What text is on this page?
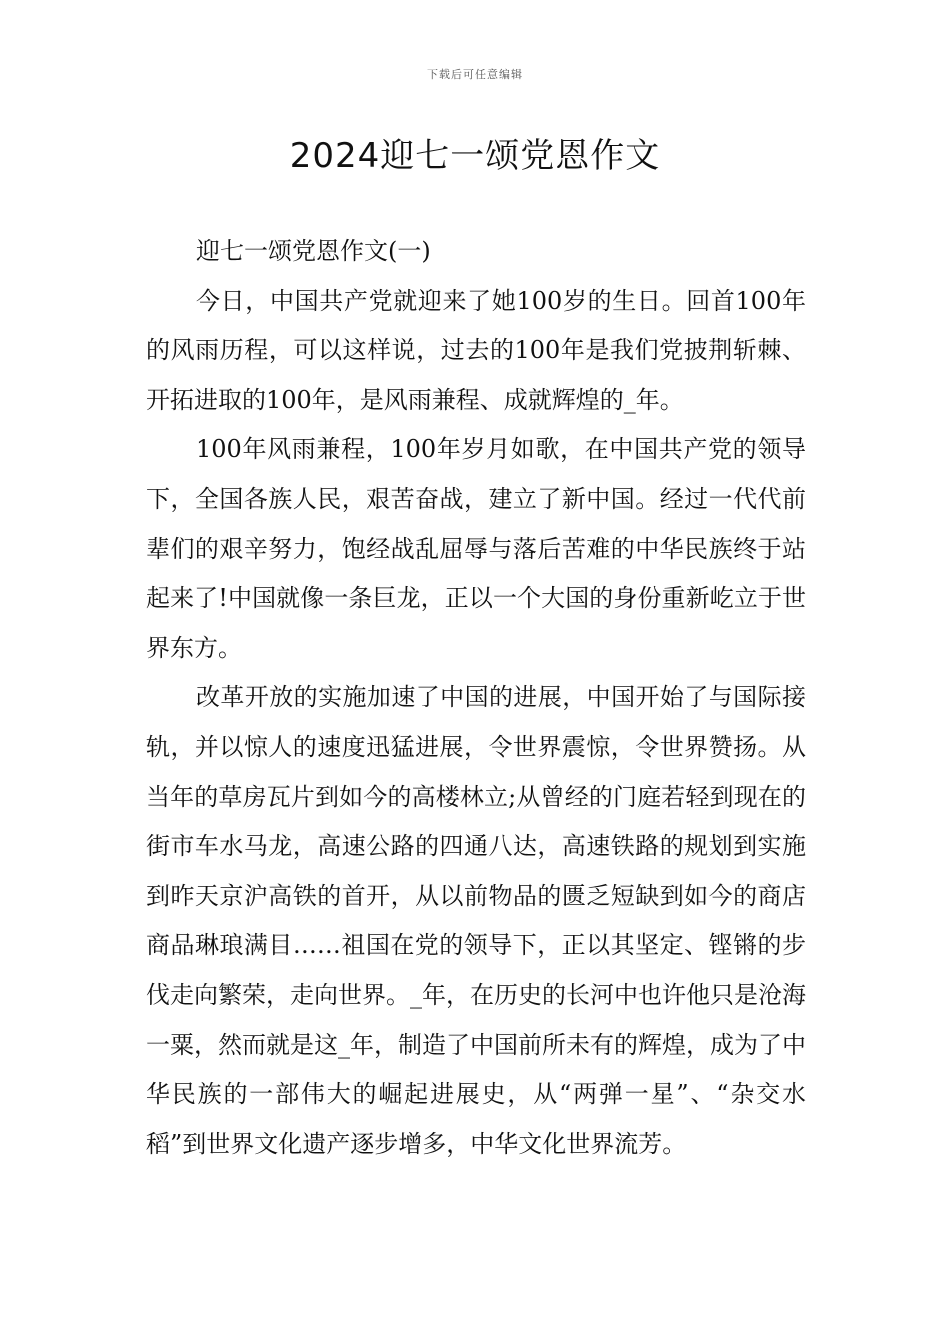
下载后可任意编辑
2024迎七一颂党恩作文

迎七一颂党恩作文(一)

今日，中国共产党就迎来了她100岁的生日。回首100年的风雨历程，可以这样说，过去的100年是我们党披荆斩棘、开拓进取的100年，是风雨兼程、成就辉煌的_年。

100年风雨兼程，100年岁月如歌，在中国共产党的领导下，全国各族人民，艰苦奋战，建立了新中国。经过一代代前辈们的艰辛努力，饱经战乱屈辱与落后苦难的中华民族终于站起来了!中国就像一条巨龙，正以一个大国的身份重新屹立于世界东方。

改革开放的实施加速了中国的进展，中国开始了与国际接轨，并以惊人的速度迅猛进展，令世界震惊，令世界赞扬。从当年的草房瓦片到如今的高楼林立;从曾经的门庭若轻到现在的街市车水马龙，高速公路的四通八达，高速铁路的规划到实施到昨天京沪高铁的首开，从以前物品的匮乏短缺到如今的商店商品琳琅满目……祖国在党的领导下，正以其坚定、铿锵的步伐走向繁荣，走向世界。_年，在历史的长河中也许他只是沧海一粟，然而就是这_年，制造了中国前所未有的辉煌，成为了中华民族的一部伟大的崛起进展史，从“两弹一星”、“杂交水稻”到世界文化遗产逐步增多，中华文化世界流芳。
